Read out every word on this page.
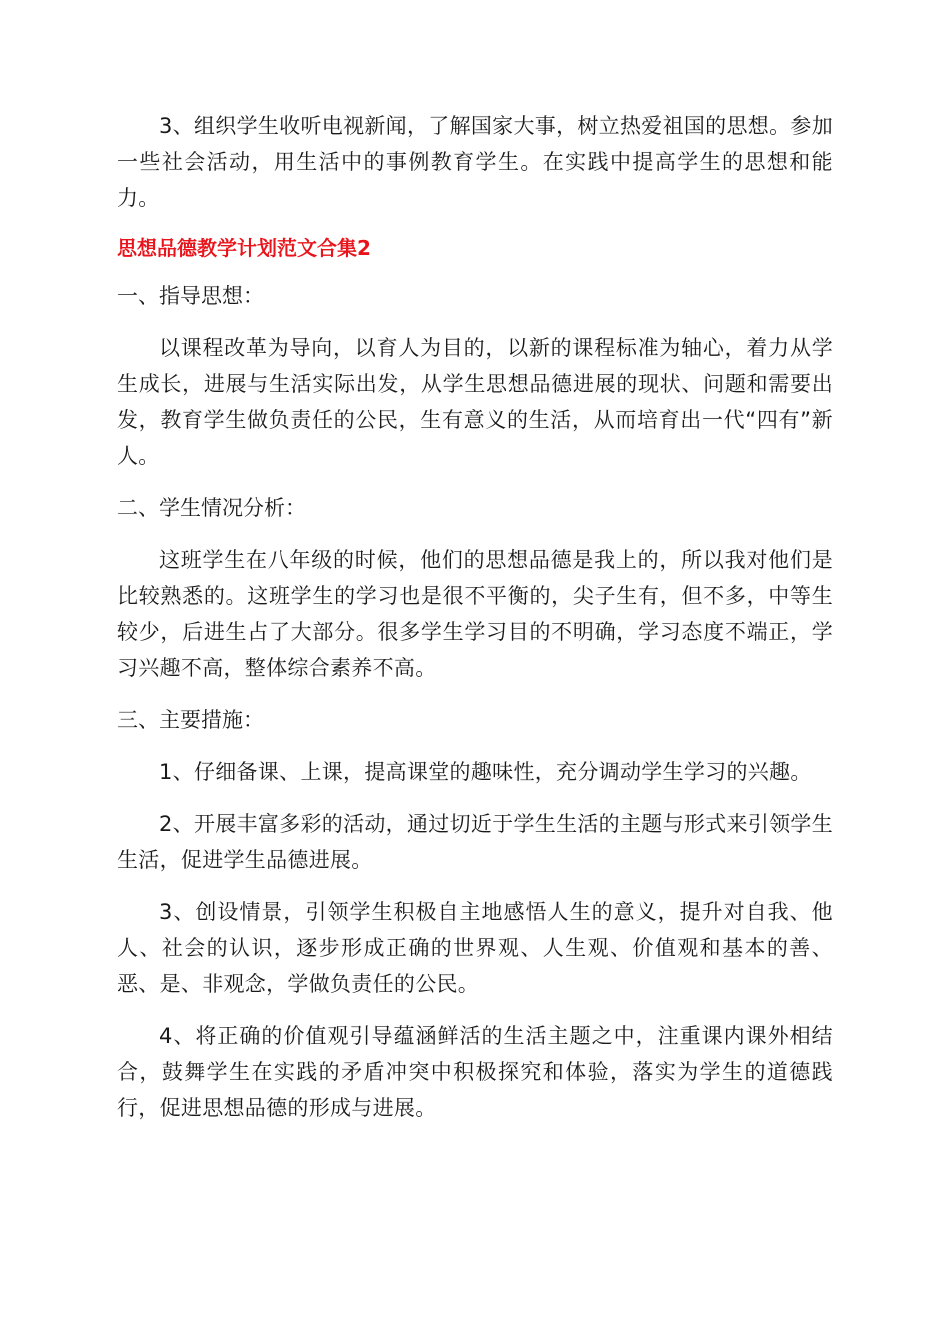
3、组织学生收听电视新闻，了解国家大事，树立热爱祖国的思想。参加一些社会活动，用生活中的事例教育学生。在实践中提高学生的思想和能力。

思想品德教学计划范文合集2
一、指导思想：

以课程改革为导向，以育人为目的，以新的课程标准为轴心，着力从学生成长，进展与生活实际出发，从学生思想品德进展的现状、问题和需要出发，教育学生做负责任的公民，生有意义的生活，从而培育出一代“四有”新人。

二、学生情况分析：

这班学生在八年级的时候，他们的思想品德是我上的，所以我对他们是比较熟悉的。这班学生的学习也是很不平衡的，尖子生有，但不多，中等生较少，后进生占了大部分。很多学生学习目的不明确，学习态度不端正，学习兴趣不高，整体综合素养不高。

三、主要措施：

1、仔细备课、上课，提高课堂的趣味性，充分调动学生学习的兴趣。

2、开展丰富多彩的活动，通过切近于学生生活的主题与形式来引领学生生活，促进学生品德进展。

3、创设情景，引领学生积极自主地感悟人生的意义，提升对自我、他人、社会的认识，逐步形成正确的世界观、人生观、价值观和基本的善、恶、是、非观念，学做负责任的公民。

4、将正确的价值观引导蕴涵鲜活的生活主题之中，注重课内课外相结合，鼓舞学生在实践的矛盾冲突中积极探究和体验，落实为学生的道德践行，促进思想品德的形成与进展。
